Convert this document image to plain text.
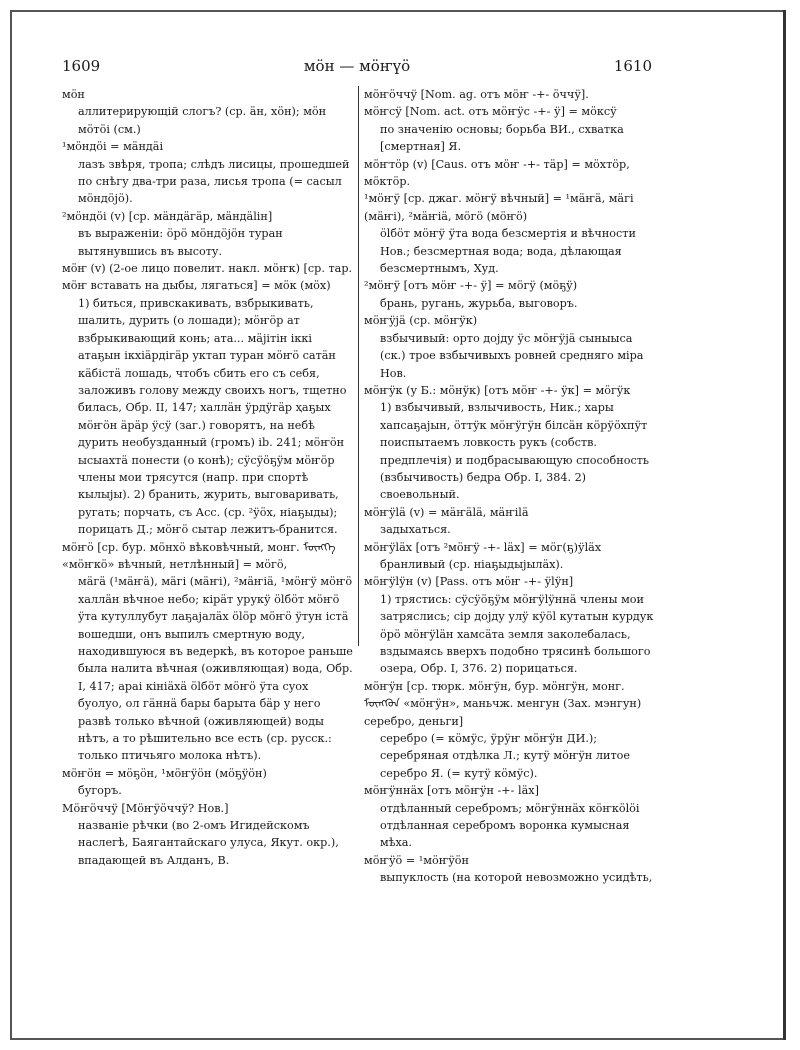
1609	мӧн — мӧҥүӧ	1610
мӧн
аллитерирующій слогъ? (ср. ӓн, хӧн); мӧн мӧтӧі (см.)
¹мӧндӧі = мӓндӓі
лазъ звѣря, тропа; слѣдъ лисицы, прошедшей по снѣгу два-три раза, лисья тропа (= сасыл мӧндӧјӧ).
²мӧндӧі (v) [ср. мӓндӓгӓр, мӓндӓlін]
въ выраженіи: ӧрӧ мӧндӧјӧн туран вытянувшись въ высоту.
мӧҥ (v) (2-ое лицо повелит. накл. мӧҥк) [ср. тар. мӧҥ вставать на дыбы, лягаться] = мӧк (мӧх)
1) биться, привскакивать, взбрыкивать, шалить, дурить (о лошади); мӧҥӧр ат взбрыкивающий конь; ата... мӓјітін іккі атаҕын ікхіӓрдігӓр уктап туран мӧҥӧ сатӓн кӓбістӓ лошадь, чтобъ сбить его съ себя, заложивъ голову между своихъ ногъ, тщетно билась, Обр. II, 147; халлӓн ӱрдӱгӓр ҳаҕых мӧҥӧн ӓрӓр ӱсӱ (заг.) говорятъ, на небѣ дурить необузданный (громъ) ib. 241; мӧҥӧн ысыахтӓ понести (о конѣ); сӱсӱӧҕӱм мӧҥӧр члены мои трясутся (напр. при спортѣ кылыјы). 2) бранить, журить, выговаривать, ругать; порчать, съ Асс. (ср. ²ӱӧх, ніаҕыды); порицать Д.; мӧҥӧ сытар лежитъ-бранится.
мӧҥӧ [ср. бур. мӧнхӧ вѣковѣчный, монг. ᠮᠥᠩᠬᠡ «мӧҥкӧ» вѣчный, нетлѣнный] = мӧгӧ,
мӓгӓ (¹мӓҥӓ), мӓгі (мӓҥі), ²мӓҥіӓ, ¹мӧҥӱ мӧҥӧ халлӓн вѣчное небо; кірӓт урукӱ ӧlбӧт мӧҥӧ ӱта кутуллубут лаҕајалӓх ӧlӧр мӧҥӧ ӱтун істӓ вошедши, онъ выпилъ смертную воду, находившуюся въ ведеркѣ, въ которое раньше была налита вѣчная (оживляющая) вода, Обр. I, 417; араі кініӓхӓ ӧlбӧт мӧҥӧ ӱта суох буолуо, ол гӓннӓ бары барыта бӓр у него развѣ только вѣчной (оживляющей) воды нѣтъ, а то рѣшительно все есть (ср. русск.: только птичьяго молока нѣтъ).
мӧҥӧн = мӧҕӧн, ¹мӧҥӱӧн (мӧҕӱӧн)
бугоръ.
Мӧҥӧччӱ [Мӧҥӱӧччӱ? Нов.]
названіе рѣчки (во 2-омъ Игидейскомъ наслегѣ, Баягантайскаго улуса, Якут. окр.), впадающей въ Алданъ, В.
мӧҥӧччӱ [Nom. ag. отъ мӧҥ -+- ӧччӱ].
мӧҥсӱ [Nom. act. отъ мӧҥӱс -+- ӱ] = мӧксӱ
по значенію основы; борьба ВИ., схватка [смертная] Я.
мӧҥтӧр (v) [Caus. отъ мӧҥ -+- тӓр] = мӧхтӧр, мӧктӧр.
¹мӧҥӱ [ср. джаг. мӧҥӱ вѣчный] = ¹мӓҥӓ, мӓгі (мӓҥі), ²мӓҥіӓ, мӧгӧ (мӧҥӧ)
ӧlбӧт мӧҥӱ ӱта вода безсмертія и вѣчности Нов.; безсмертная вода; вода, дѣлающая безсмертнымъ, Худ.
²мӧҥӱ [отъ мӧҥ -+- ӱ] = мӧгӱ (мӧҕӱ)
брань, ругань, журьба, выговоръ.
мӧҥӱјӓ (ср. мӧҥӱк)
взбычивый: орто дојду ӱс мӧҥӱјӓ сыныыса (ск.) трое взбычивыхъ ровней средняго міра Нов.
мӧҥӱк (у Б.: мӧнӱк) [отъ мӧҥ -+- ӱк] = мӧгӱк
1) взбычивый, взлычивость, Ник.; хары хапсаҕајын, ӧттӱк мӧҥӱгӱн білсӓн кӧрӱӧхпӱт поиспытаемъ ловкость рукъ (собств. предплечія) и подбрасывающую способность (взбычивость) бедра Обр. I, 384. 2) своевольный.
мӧҥӱlӓ (v) = мӓҥӓlӓ, мӓҥіlӓ
задыхаться.
мӧҥӱlӓх [отъ ²мӧҥӱ -+- lӓх] = мӧг(ҕ)ӱlӓх
бранливый (ср. ніаҕыдыјылӓх).
мӧҥӱlӱн (v) [Pass. отъ мӧҥ -+- ӱlӱн]
1) трястись: сӱсӱӧҕӱм мӧҥӱlӱннӓ члены мои затряслись; сір дојду улӱ кӱӧl кутатын курдук ӧрӧ мӧҥӱlӓн хамсӓта земля заколебалась, вздымаясь вверхъ подобно трясинѣ большого озера, Обр. I, 376. 2) порицаться.
мӧҥӱн [ср. тюрк. мӧҥӱн, бур. мӧнгӱн, монг. ᠮᠥᠩᠭᠦᠨ «мӧҥӱн», маньчж. менгун (Зах. мэнгун) серебро, деньги]
серебро (= кӧмӱс, ӱрӱҥ мӧҥӱн ДИ.); серебряная отдѣлка Л.; кутӱ мӧҥӱн литое серебро Я. (= кутӱ кӧмӱс).
мӧҥӱннӓх [отъ мӧҥӱн -+- lӓх]
отдѣланный серебромъ; мӧҥӱннӓх кӧҥкӧlӧі отдѣланная серебромъ воронка кумысная мѣха.
мӧҥӱӧ = ¹мӧҥӱӧн
выпуклость (на которой невозможно усидѣть,
